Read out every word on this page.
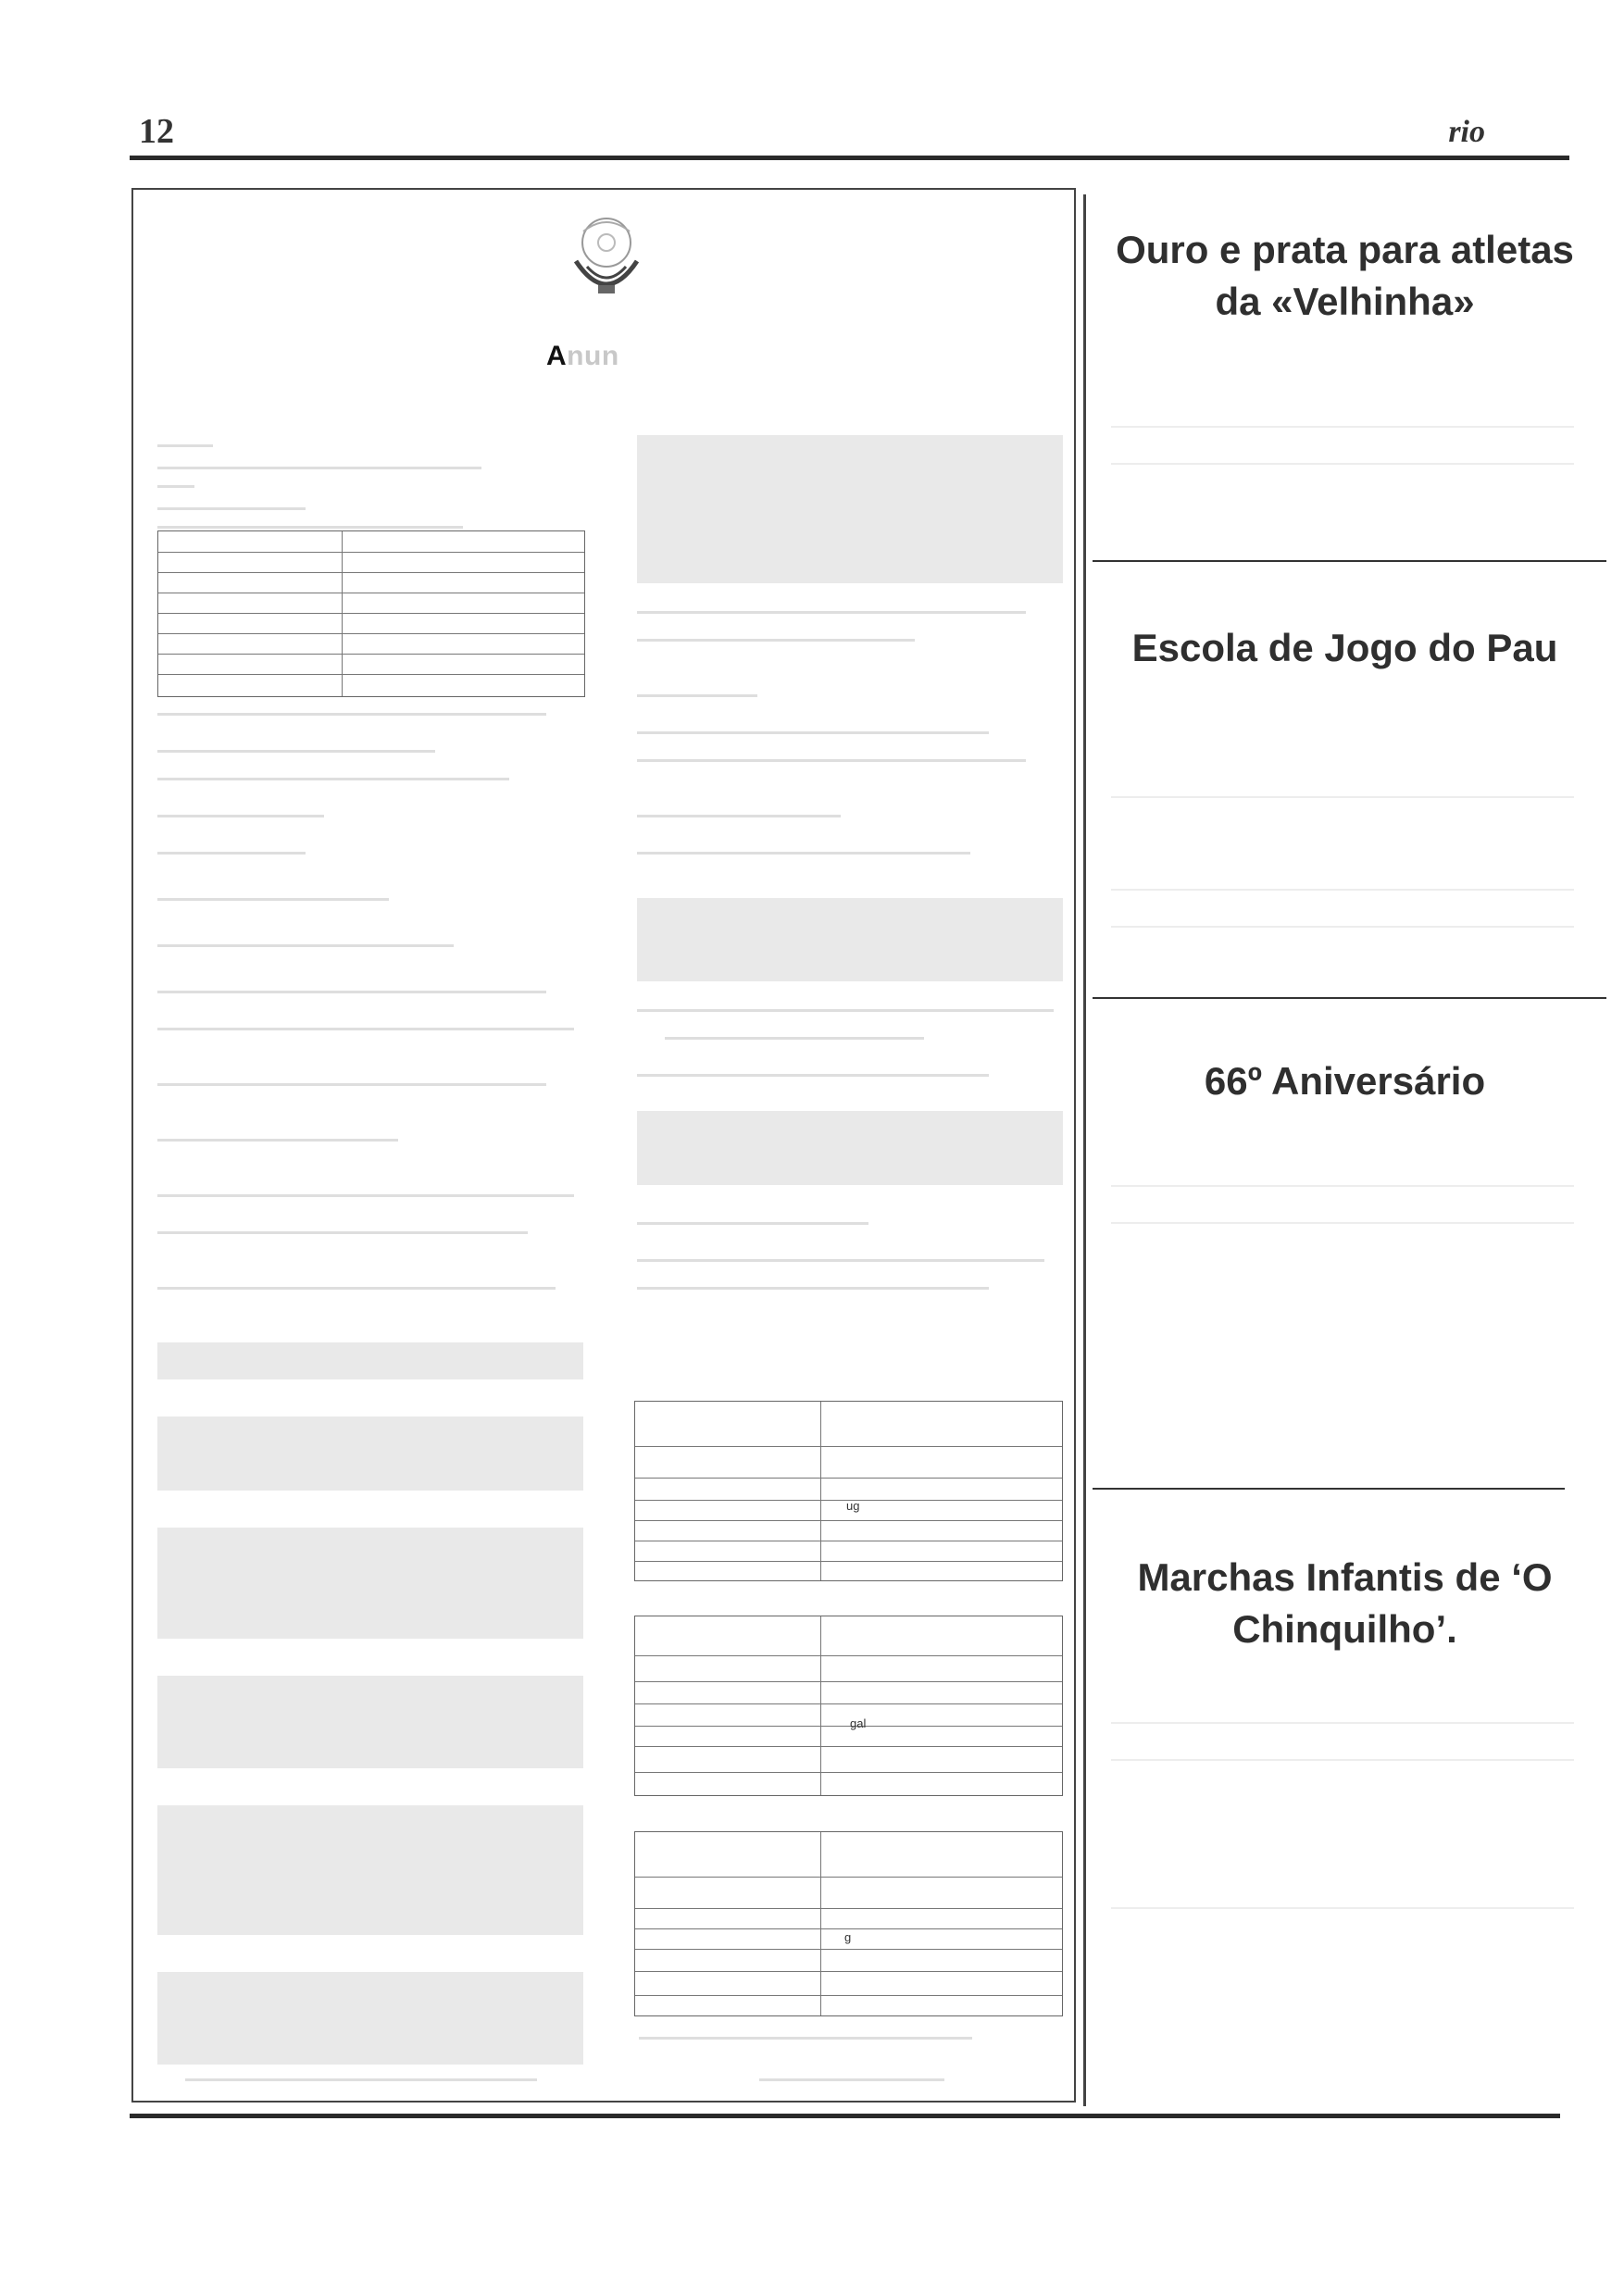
12	rio
Anun
ug
gal
g
Ouro e prata para atletas da «Velhinha»
Escola de Jogo do Pau
66º Aniversário
Marchas Infantis de ‘O Chinquilho’.
